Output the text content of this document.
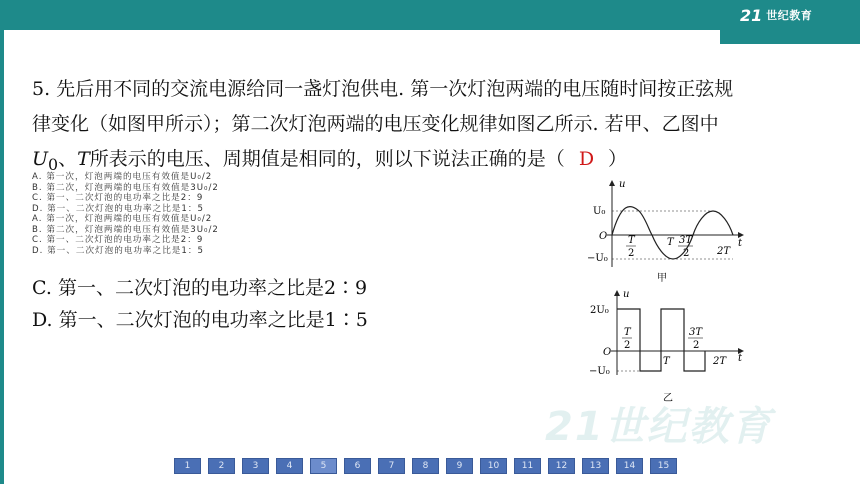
21 世纪教育
5. 先后用不同的交流电源给同一盏灯泡供电. 第一次灯泡两端的电压随时间按正弦规
律变化（如图甲所示）；第二次灯泡两端的电压变化规律如图乙所示. 若甲、乙图中
$U_0$、T所表示的电压、周期值是相同的，则以下说法正确的是（ D ）
A. 第一次，灯泡两端的电压有效值是U₀/2
B. 第二次，灯泡两端的电压有效值是3U₀/2
C. 第一、二次灯泡的电功率之比是2：9
D. 第一、二次灯泡的电功率之比是1：5
A. 第一次，灯泡两端的电压有效值是U₀/2
B. 第二次，灯泡两端的电压有效值是3U₀/2
C. 第一、二次灯泡的电功率之比是2：9
D. 第一、二次灯泡的电功率之比是1：5
C. 第一、二次灯泡的电功率之比是2∶9
D. 第一、二次灯泡的电功率之比是1∶5
u
t
U₀
O
−U₀
T
2
T 3T
2	2T
甲
u
t
2U₀
O
−U₀
T
2
T
3T
2
2T
乙
21世纪教育
1	2	3	4	5	6	7	8	9	10	11	12	13	14	15
